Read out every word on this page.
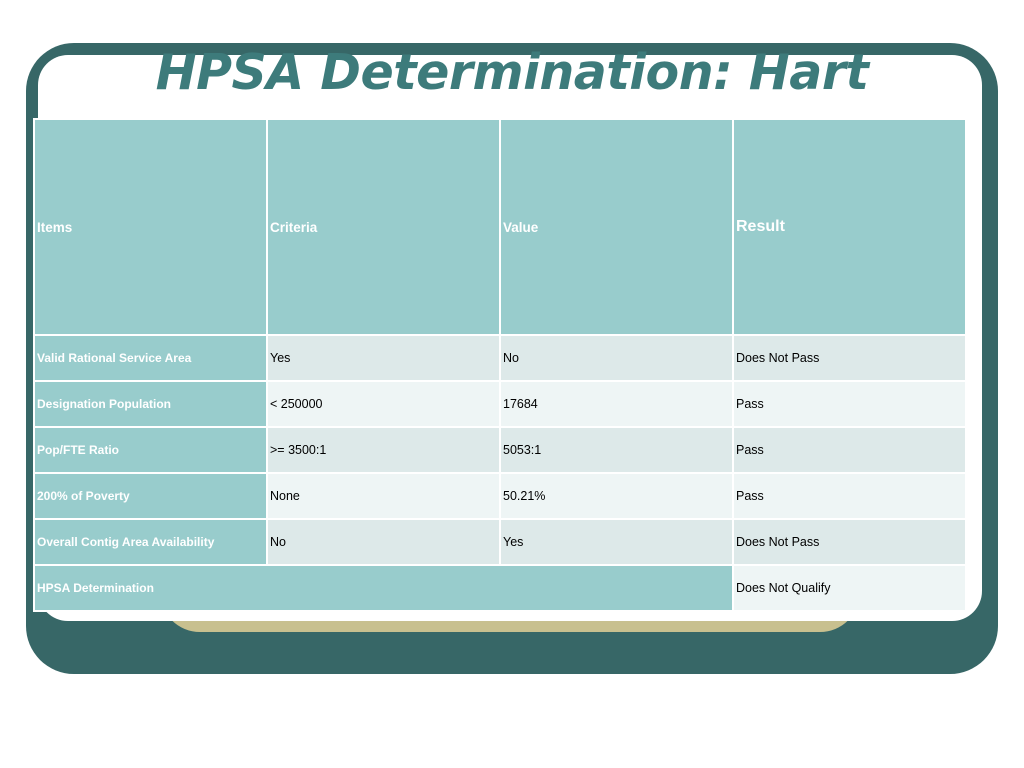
HPSA Determination: Hart
Items	Criteria	Value	Result
Valid Rational Service Area	Yes	No	Does Not Pass
Designation Population	< 250000	17684	Pass
Pop/FTE Ratio	>= 3500:1	5053:1	Pass
200% of Poverty	None	50.21%	Pass
Overall Contig Area Availability	No	Yes	Does Not Pass
HPSA Determination			Does Not Qualify
